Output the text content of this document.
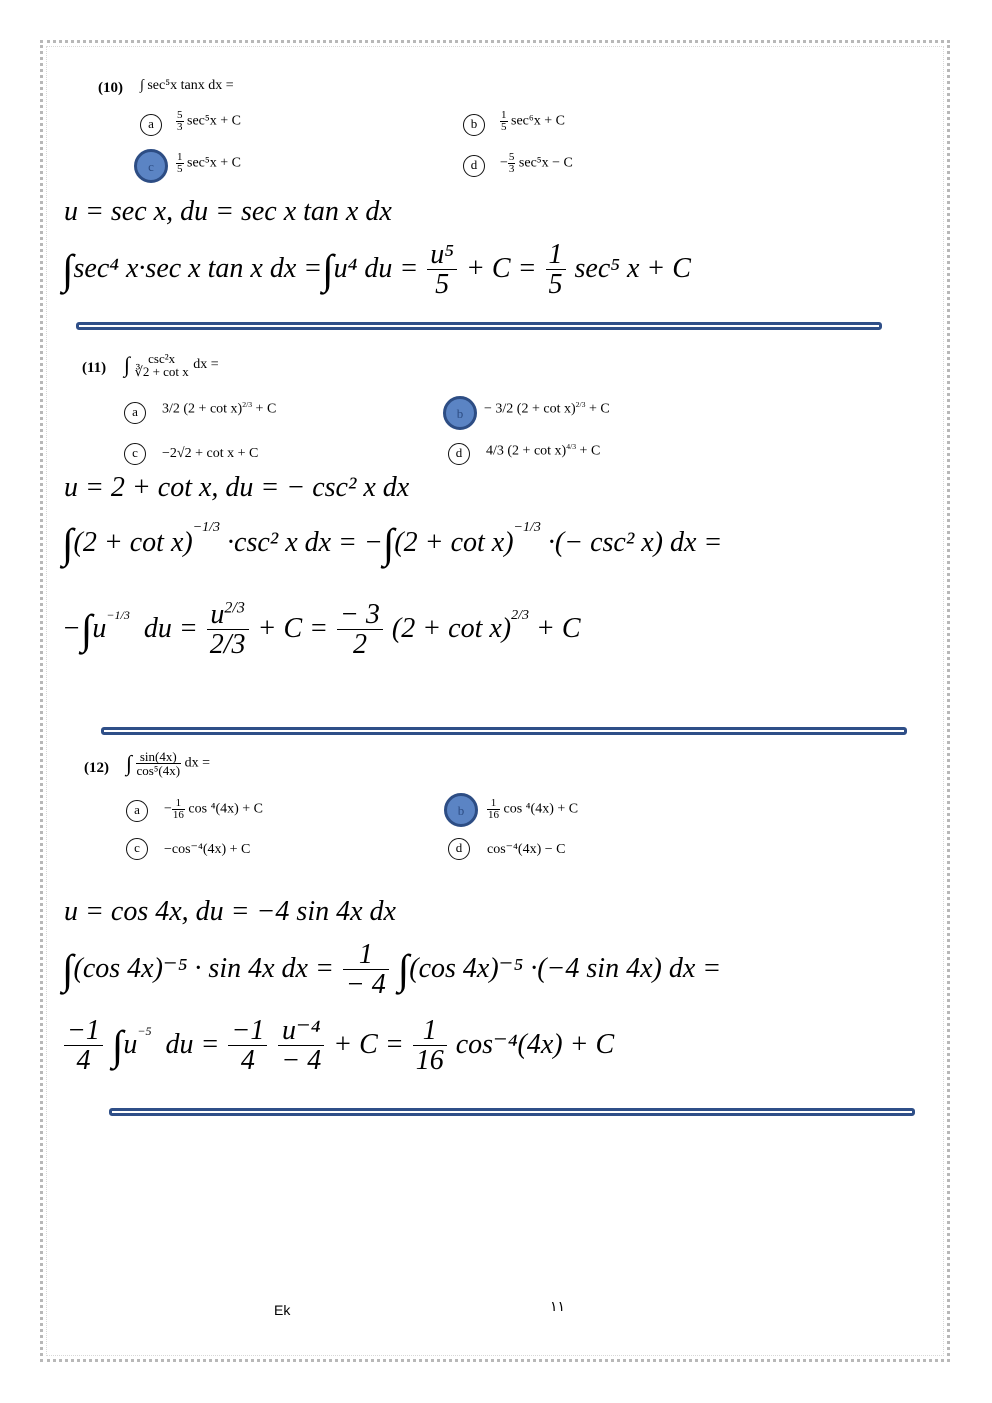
(10) ∫ sec⁵x tanx dx =
a	$\frac{5}{3} \sec^5x + C$	b	$\frac{1}{5} \sec^6x + C$
c	$\frac{1}{5} \sec^5x + C$	d	− $\frac{5}{3} \sec^5x - C$
u = sec x, du = sec x tan x dx
∫sec⁴ x·sec x tan x dx =∫u⁴ du = $\frac{\text{u⁵}}{5} + C = \frac{1}{5} \sec^5$ x + C
(11) ∫	csc²x
∛2 + cot x dx =
a	3/2 $(2 + \cot x)^{2/3} + C$	b	− 3/2 $(2 + \cot x)^{2/3} + C$
c	−2√2 + cot x + C	d	4/3 $(2 + \cot x)^{4/3} + C$
u = 2 + cot x, du = − csc² x dx
$\int(2 + \cot x)^{-1/3} \cdot\csc^2$ x dx = $-\int(2 + \cot x)^{-1/3}$ ·(− csc² x) dx =
$-\int u^{-1/3}$ du = $\frac{u^{2/3}}{2/3} + C = \frac{- 3}{2} (2 + \cot x)^{2/3} + C$
(12) ∫ $\frac{\sin(4x)}{\text{cos⁵(4x)}}$ dx =
a	− $\frac{1}{16}$ cos ⁴(4x) + C	b	$\frac{1}{16}$ cos ⁴(4x) + C
c	−cos⁻⁴(4x) + C	d	cos⁻⁴(4x) − C
u = cos 4x, du = −4 sin 4x dx
∫(cos 4x)⁻⁵ · sin 4x dx = $\frac{1}{- 4} \int(\cos$ 4x)⁻⁵ ·(−4 sin 4x) dx =
$\frac{-1}{4} \int u^{-5}$ du = $\frac{-1}{4}$
$\frac{\text{u⁻⁴}}{- 4} + C = \frac{1}{16} \cos^{-4}(4x) + C$
Ek	١١
